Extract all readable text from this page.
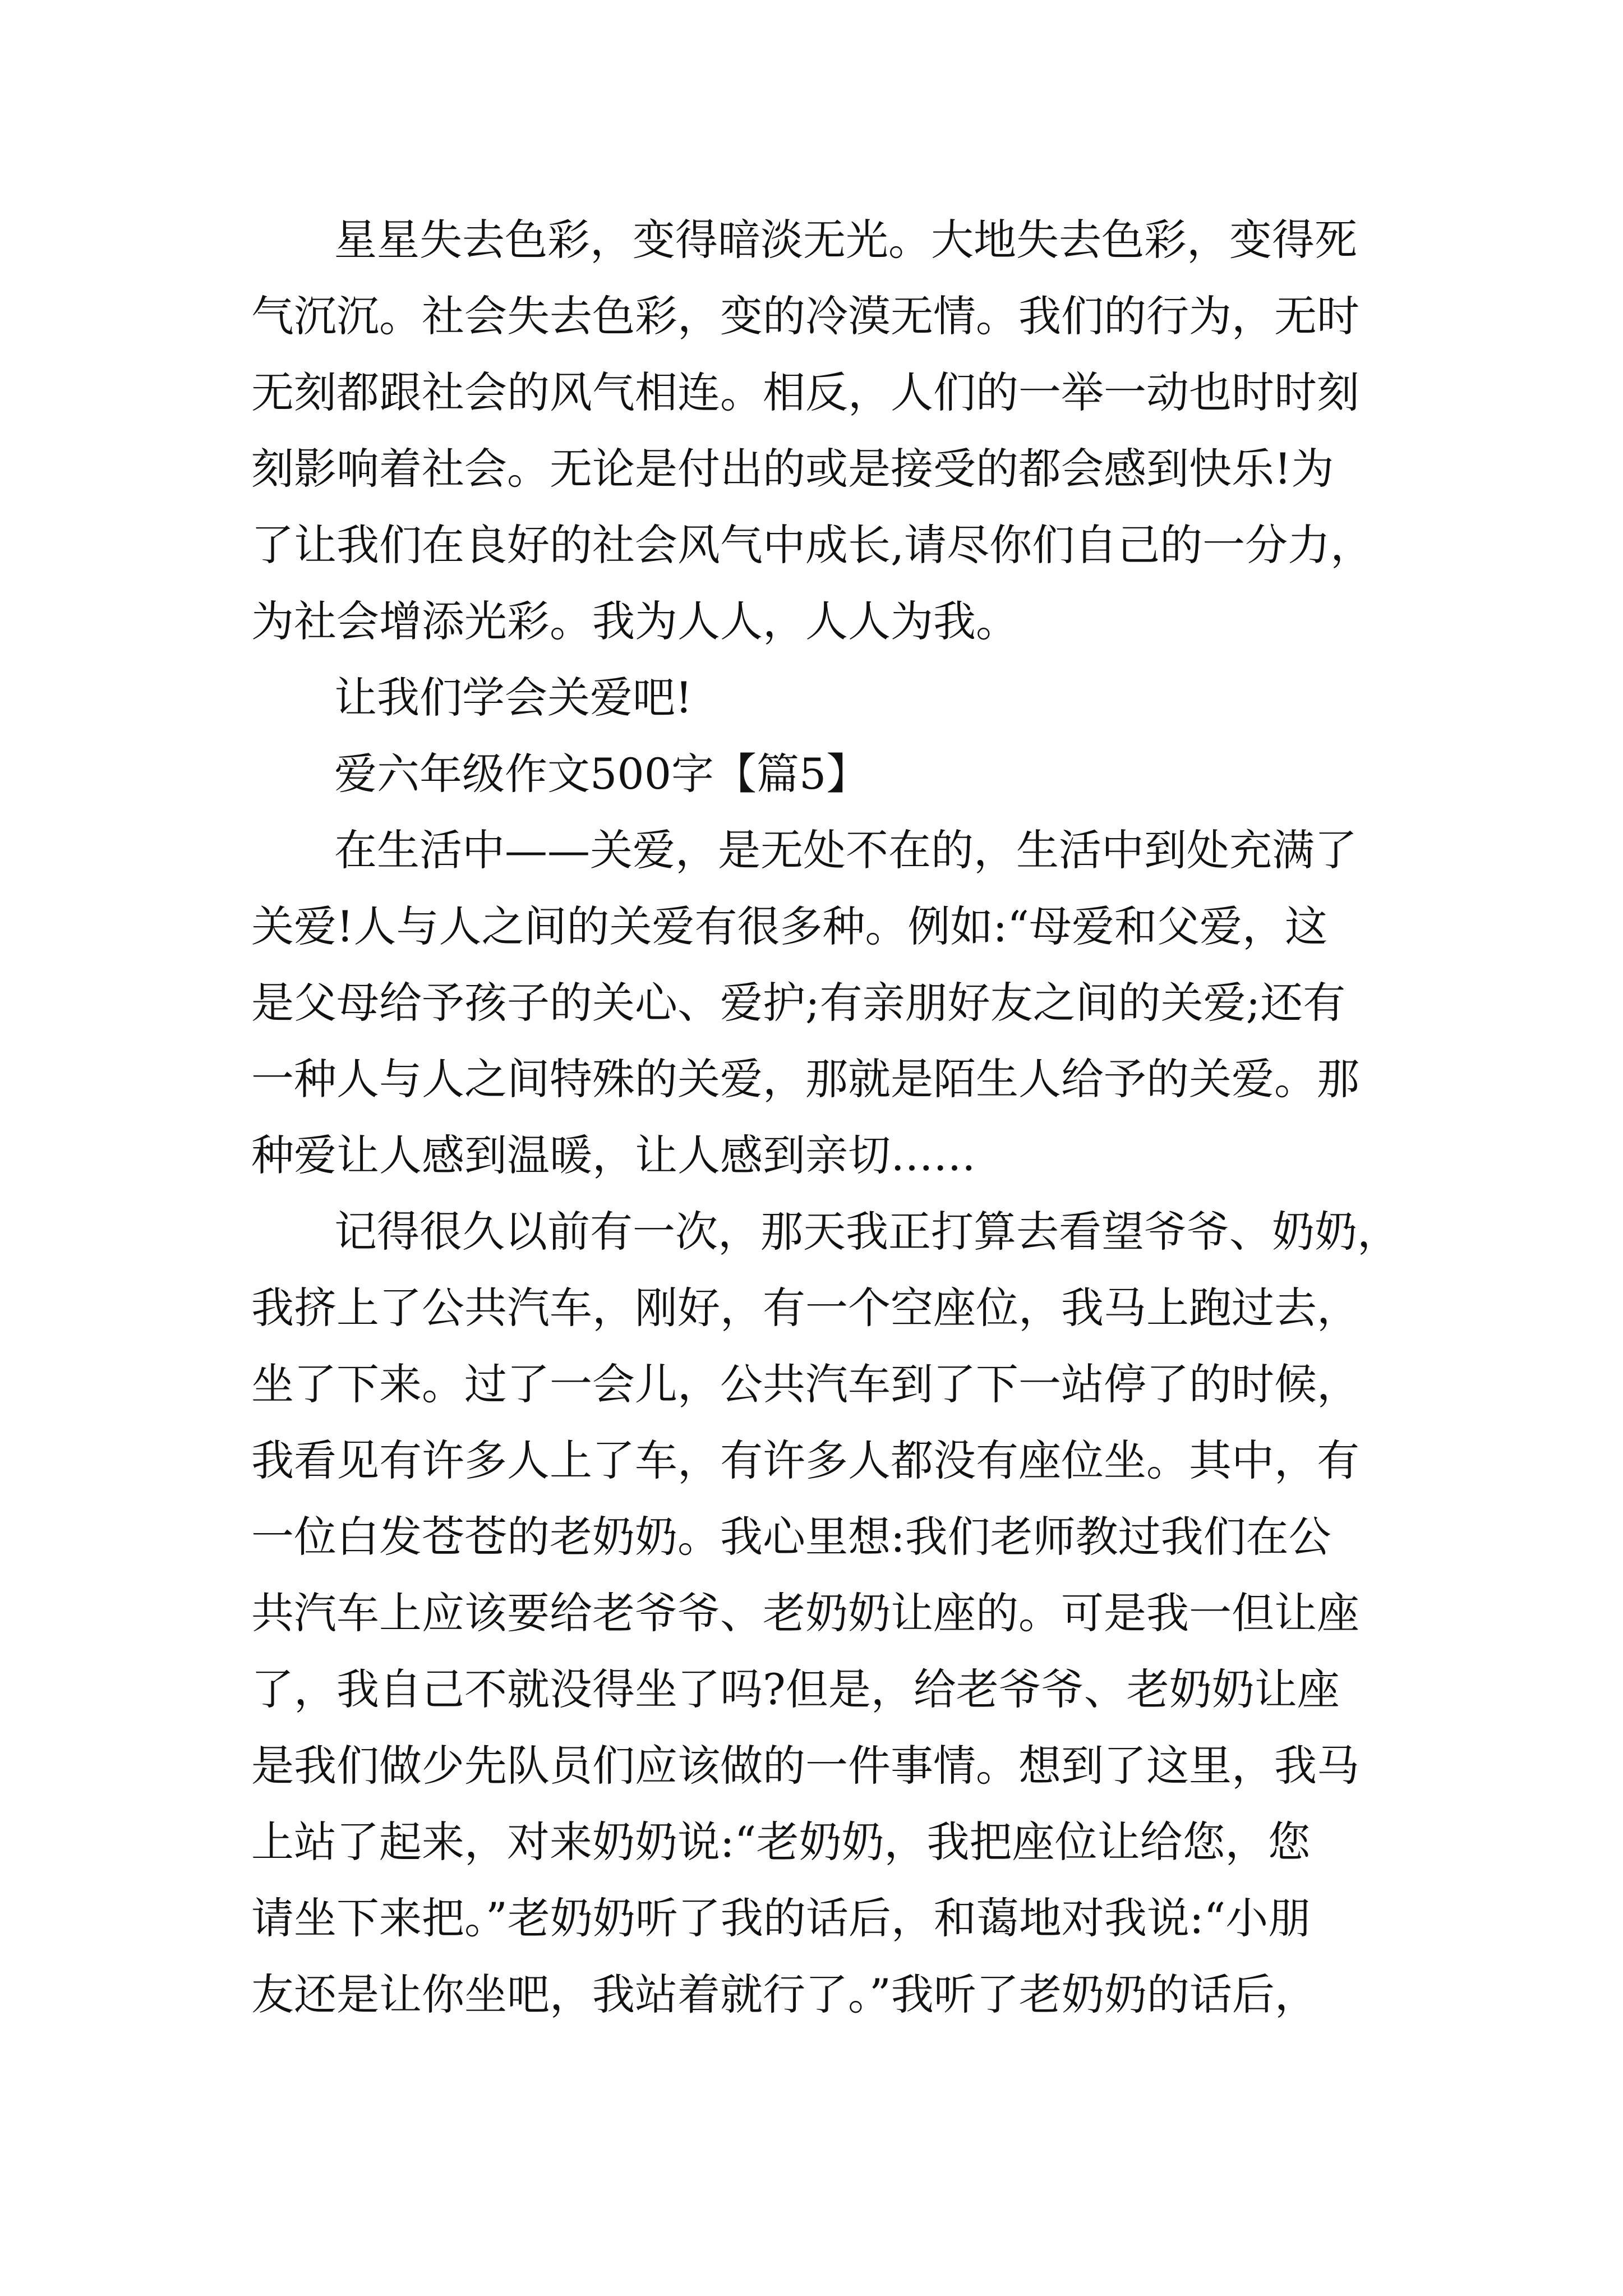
星星失去色彩，变得暗淡无光。大地失去色彩，变得死
气沉沉。社会失去色彩，变的冷漠无情。我们的行为，无时
无刻都跟社会的风气相连。相反，人们的一举一动也时时刻
刻影响着社会。无论是付出的或是接受的都会感到快乐!为
了让我们在良好的社会风气中成长,请尽你们自己的一分力，
为社会增添光彩。我为人人，人人为我。
让我们学会关爱吧!
爱六年级作文500字【篇5】
在生活中——关爱，是无处不在的，生活中到处充满了
关爱!人与人之间的关爱有很多种。例如:“母爱和父爱，这
是父母给予孩子的关心、爱护;有亲朋好友之间的关爱;还有
一种人与人之间特殊的关爱，那就是陌生人给予的关爱。那
种爱让人感到温暖，让人感到亲切……
记得很久以前有一次，那天我正打算去看望爷爷、奶奶，
我挤上了公共汽车，刚好，有一个空座位，我马上跑过去，
坐了下来。过了一会儿，公共汽车到了下一站停了的时候，
我看见有许多人上了车，有许多人都没有座位坐。其中，有
一位白发苍苍的老奶奶。我心里想:我们老师教过我们在公
共汽车上应该要给老爷爷、老奶奶让座的。可是我一但让座
了，我自己不就没得坐了吗?但是，给老爷爷、老奶奶让座
是我们做少先队员们应该做的一件事情。想到了这里，我马
上站了起来，对来奶奶说:“老奶奶，我把座位让给您，您
请坐下来把。”老奶奶听了我的话后，和蔼地对我说:“小朋
友还是让你坐吧，我站着就行了。”我听了老奶奶的话后，
